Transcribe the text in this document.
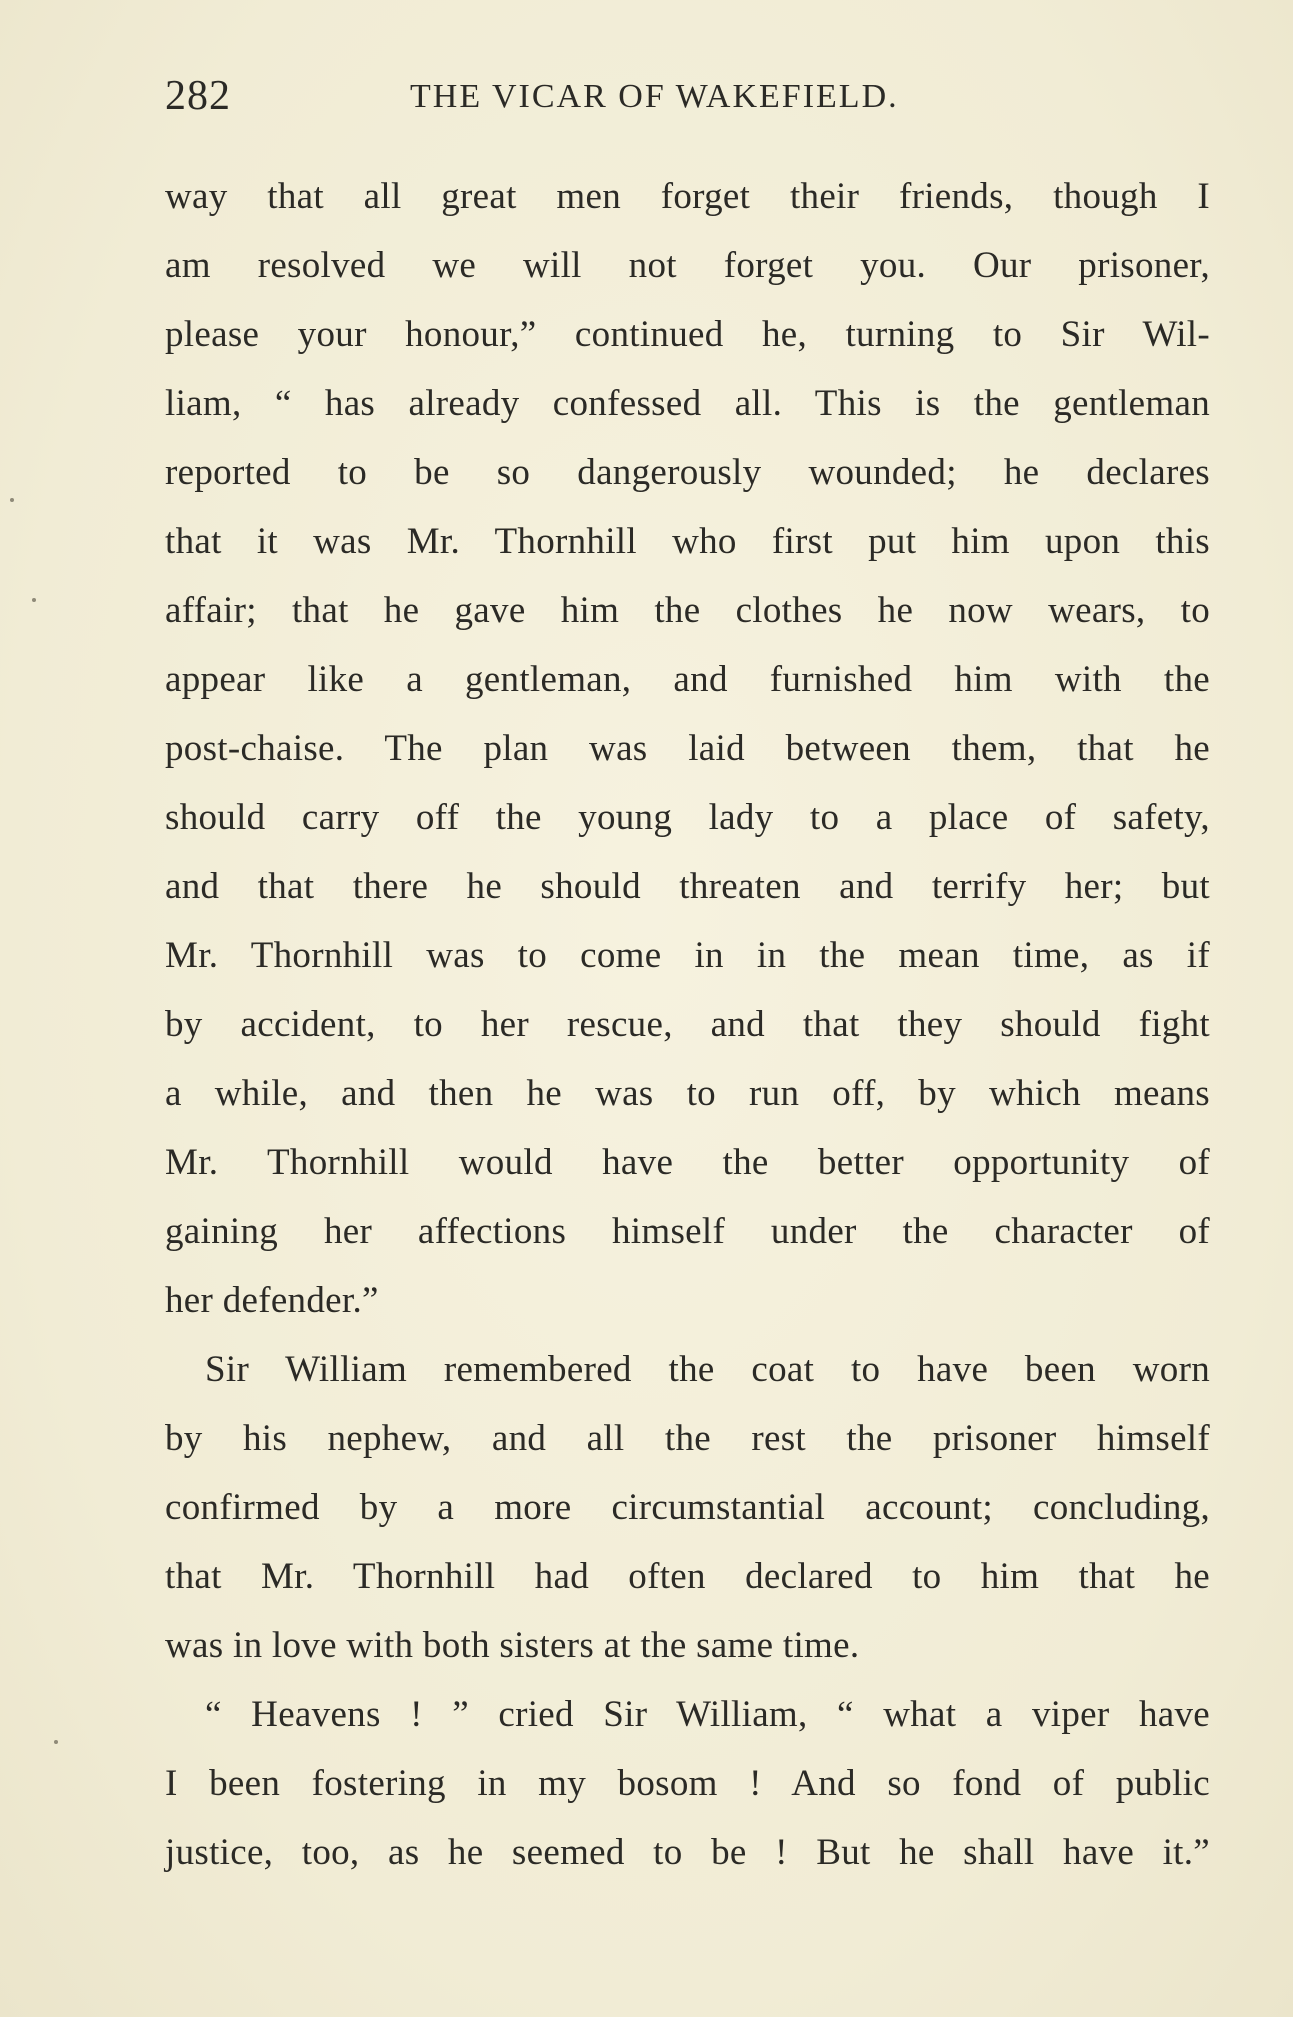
282	THE VICAR OF WAKEFIELD.
way that all great men forget their friends, though I
am resolved we will not forget you. Our prisoner,
please your honour,” continued he, turning to Sir Wil-
liam, “ has already confessed all. This is the gentleman
reported to be so dangerously wounded; he declares
that it was Mr. Thornhill who first put him upon this
affair; that he gave him the clothes he now wears, to
appear like a gentleman, and furnished him with the
post-chaise. The plan was laid between them, that he
should carry off the young lady to a place of safety,
and that there he should threaten and terrify her; but
Mr. Thornhill was to come in in the mean time, as if
by accident, to her rescue, and that they should fight
a while, and then he was to run off, by which means
Mr. Thornhill would have the better opportunity of
gaining her affections himself under the character of
her defender.”
Sir William remembered the coat to have been worn
by his nephew, and all the rest the prisoner himself
confirmed by a more circumstantial account; concluding,
that Mr. Thornhill had often declared to him that he
was in love with both sisters at the same time.
“ Heavens ! ” cried Sir William, “ what a viper have
I been fostering in my bosom ! And so fond of public
justice, too, as he seemed to be ! But he shall have it.”
